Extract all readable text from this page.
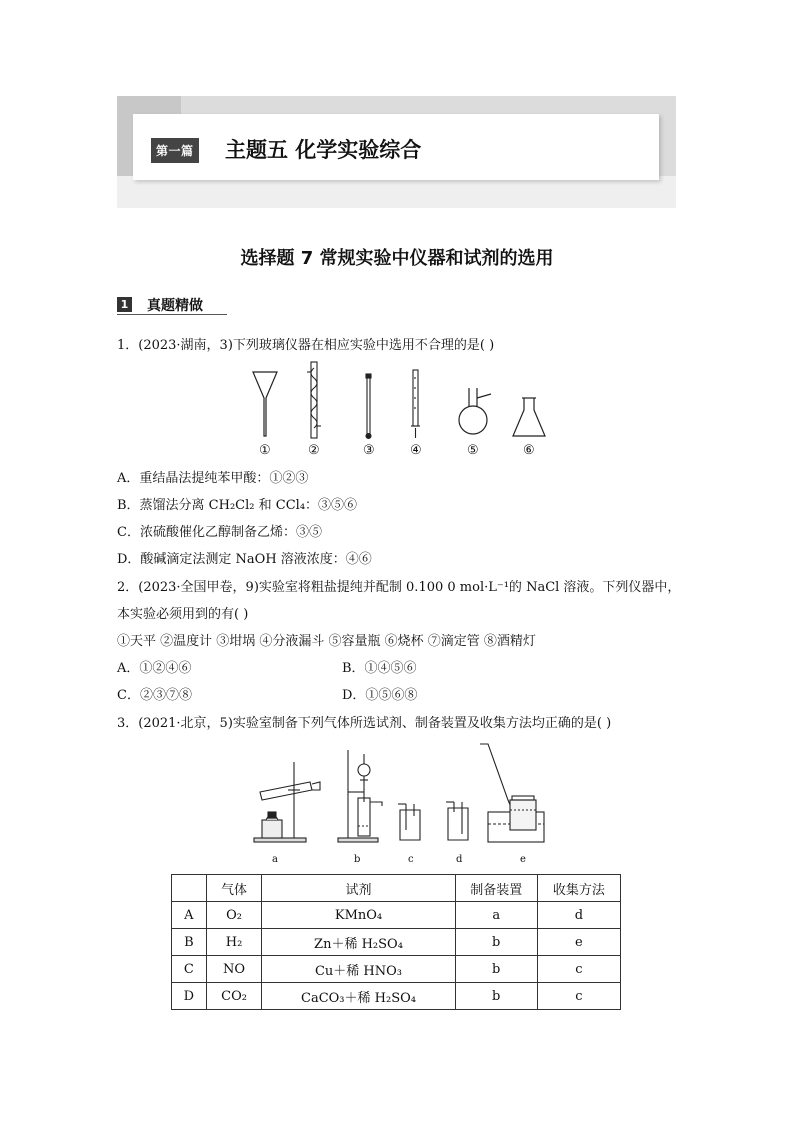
第一篇 主题五 化学实验综合
选择题 7 常规实验中仪器和试剂的选用
1 真题精做
1．(2023·湖南，3)下列玻璃仪器在相应实验中选用不合理的是( )
①	②	③	④	⑤	⑥
A．重结晶法提纯苯甲酸：①②③
B．蒸馏法分离 CH₂Cl₂ 和 CCl₄：③⑤⑥
C．浓硫酸催化乙醇制备乙烯：③⑤
D．酸碱滴定法测定 NaOH 溶液浓度：④⑥
2．(2023·全国甲卷，9)实验室将粗盐提纯并配制 0.100 0 mol·L⁻¹的 NaCl 溶液。下列仪器中，
本实验必须用到的有( )
①天平 ②温度计 ③坩埚 ④分液漏斗 ⑤容量瓶 ⑥烧杯 ⑦滴定管 ⑧酒精灯
A．①②④⑥	B．①④⑤⑥
C．②③⑦⑧	D．①⑤⑥⑧
3．(2021·北京，5)实验室制备下列气体所选试剂、制备装置及收集方法均正确的是( )
a	b	c	d	e
	气体	试剂	制备装置	收集方法
A	O₂	KMnO₄	a	d
B	H₂	Zn＋稀 H₂SO₄	b	e
C	NO	Cu＋稀 HNO₃	b	c
D	CO₂	CaCO₃＋稀 H₂SO₄	b	c
